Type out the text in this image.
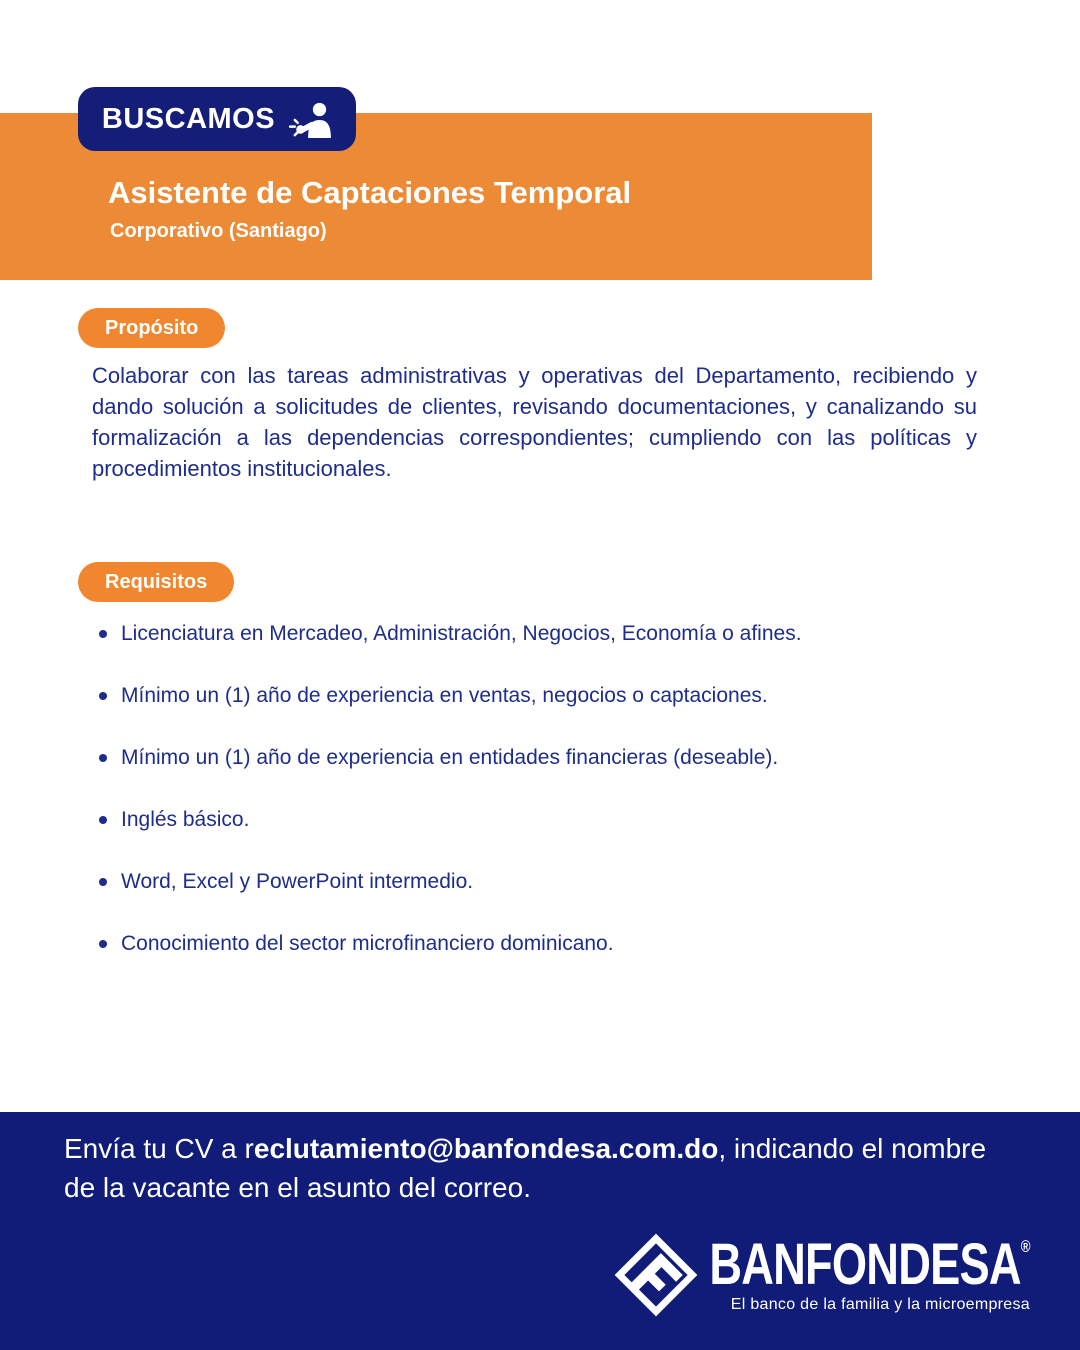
BUSCAMOS
Asistente de Captaciones Temporal
Corporativo (Santiago)
Propósito

Colaborar con las tareas administrativas y operativas del Departamento, recibiendo y dando solución a solicitudes de clientes, revisando documentaciones, y canalizando su formalización a las dependencias correspondientes; cumpliendo con las políticas y procedimientos institucionales.

Requisitos
Licenciatura en Mercadeo, Administración, Negocios, Economía o afines.
Mínimo un (1) año de experiencia en ventas, negocios o captaciones.
Mínimo un (1) año de experiencia en entidades financieras (deseable).
Inglés básico.
Word, Excel y PowerPoint intermedio.
Conocimiento del sector microfinanciero dominicano.

Envía tu CV a reclutamiento@banfondesa.com.do, indicando el nombre de la vacante en el asunto del correo.

BANFONDESA ®
El banco de la familia y la microempresa
